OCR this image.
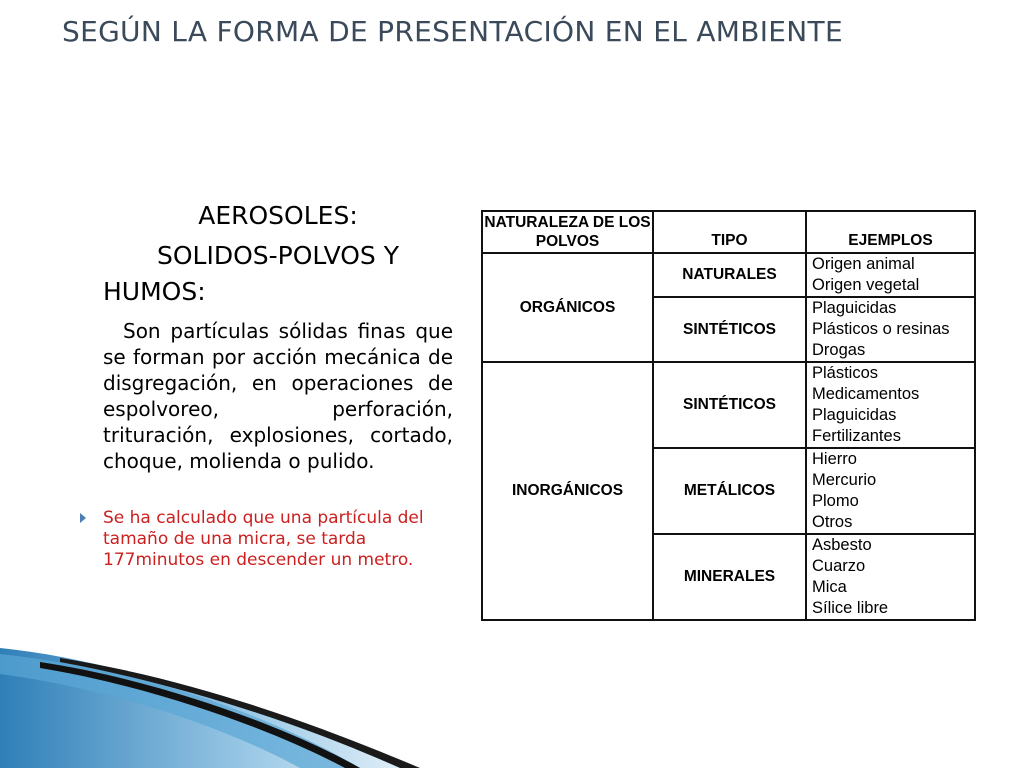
SEGÚN LA FORMA DE PRESENTACIÓN EN EL AMBIENTE
AEROSOLES:
SOLIDOS-POLVOS Y
HUMOS:
Son partículas sólidas finas que se forman por acción mecánica de disgregación, en operaciones de espolvoreo, perforación, trituración, explosiones, cortado, choque, molienda o pulido.
Se ha calculado que una partícula del tamaño de una micra, se tarda 177minutos en descender un metro.
NATURALEZA DE LOS POLVOS	TIPO	EJEMPLOS
ORGÁNICOS	NATURALES	Origen animal
Origen vegetal

	SINTÉTICOS	Plaguicidas
Plásticos o resinas
Drogas

INORGÁNICOS	SINTÉTICOS	Plásticos
Medicamentos
Plaguicidas
Fertilizantes

	METÁLICOS	Hierro
Mercurio
Plomo
Otros

	MINERALES	Asbesto
Cuarzo
Mica
Sílice libre
